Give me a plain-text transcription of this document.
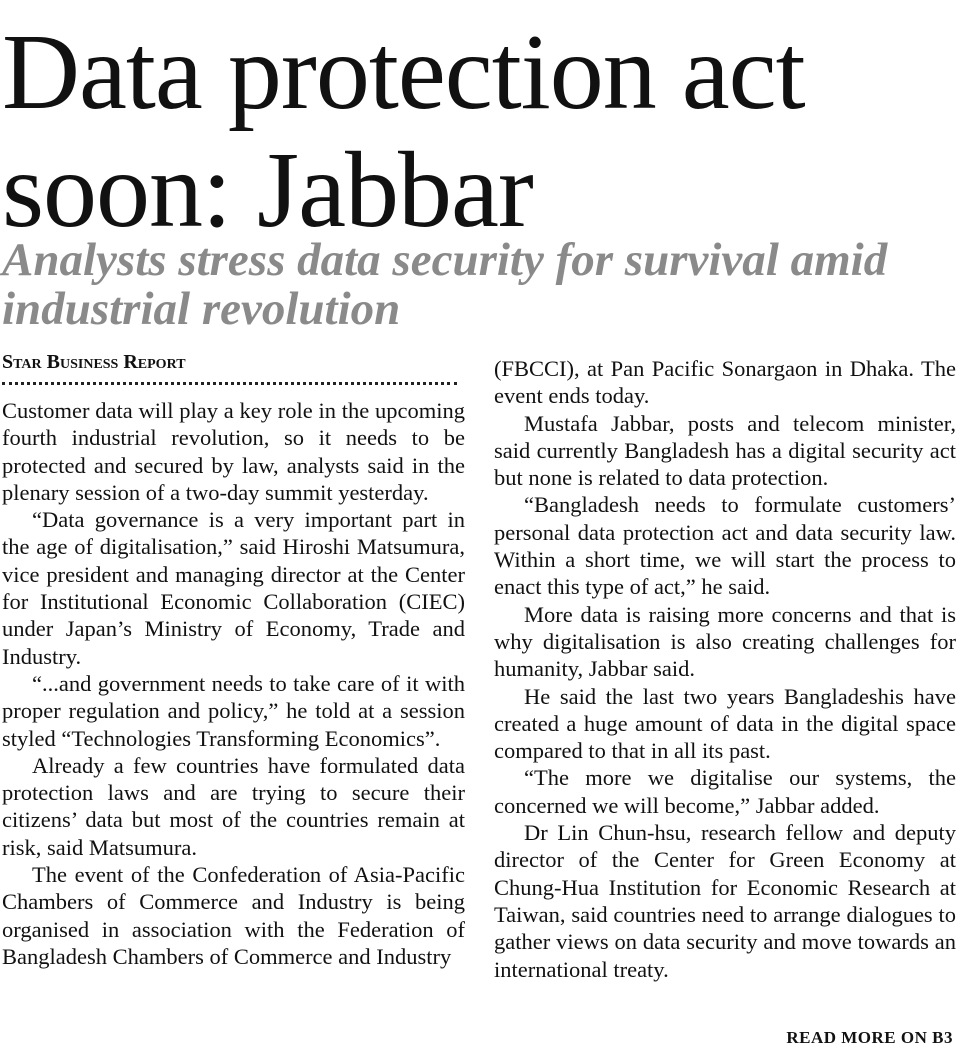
Data protection act soon: Jabbar
Analysts stress data security for survival amid industrial revolution
Star Business Report

Customer data will play a key role in the upcoming fourth industrial revolution, so it needs to be protected and secured by law, analysts said in the plenary session of a two-day summit yesterday.

“Data governance is a very important part in the age of digitalisation,” said Hiroshi Matsumura, vice president and managing director at the Center for Institutional Economic Collaboration (CIEC) under Japan’s Ministry of Economy, Trade and Industry.

“...and government needs to take care of it with proper regulation and policy,” he told at a session styled “Technologies Transforming Economics”.

Already a few countries have formulated data protection laws and are trying to secure their citizens’ data but most of the countries remain at risk, said Matsumura.

The event of the Confederation of Asia-Pacific Chambers of Commerce and Industry is being organised in association with the Federation of Bangladesh Chambers of Commerce and Industry

(FBCCI), at Pan Pacific Sonargaon in Dhaka. The event ends today.

Mustafa Jabbar, posts and telecom minister, said currently Bangladesh has a digital security act but none is related to data protection.

“Bangladesh needs to formulate customers’ personal data protection act and data security law. Within a short time, we will start the process to enact this type of act,” he said.

More data is raising more concerns and that is why digitalisation is also creating challenges for humanity, Jabbar said.

He said the last two years Bangladeshis have created a huge amount of data in the digital space compared to that in all its past.

“The more we digitalise our systems, the concerned we will become,” Jabbar added.

Dr Lin Chun-hsu, research fellow and deputy director of the Center for Green Economy at Chung-Hua Institution for Economic Research at Taiwan, said countries need to arrange dialogues to gather views on data security and move towards an international treaty.

READ MORE ON B3
